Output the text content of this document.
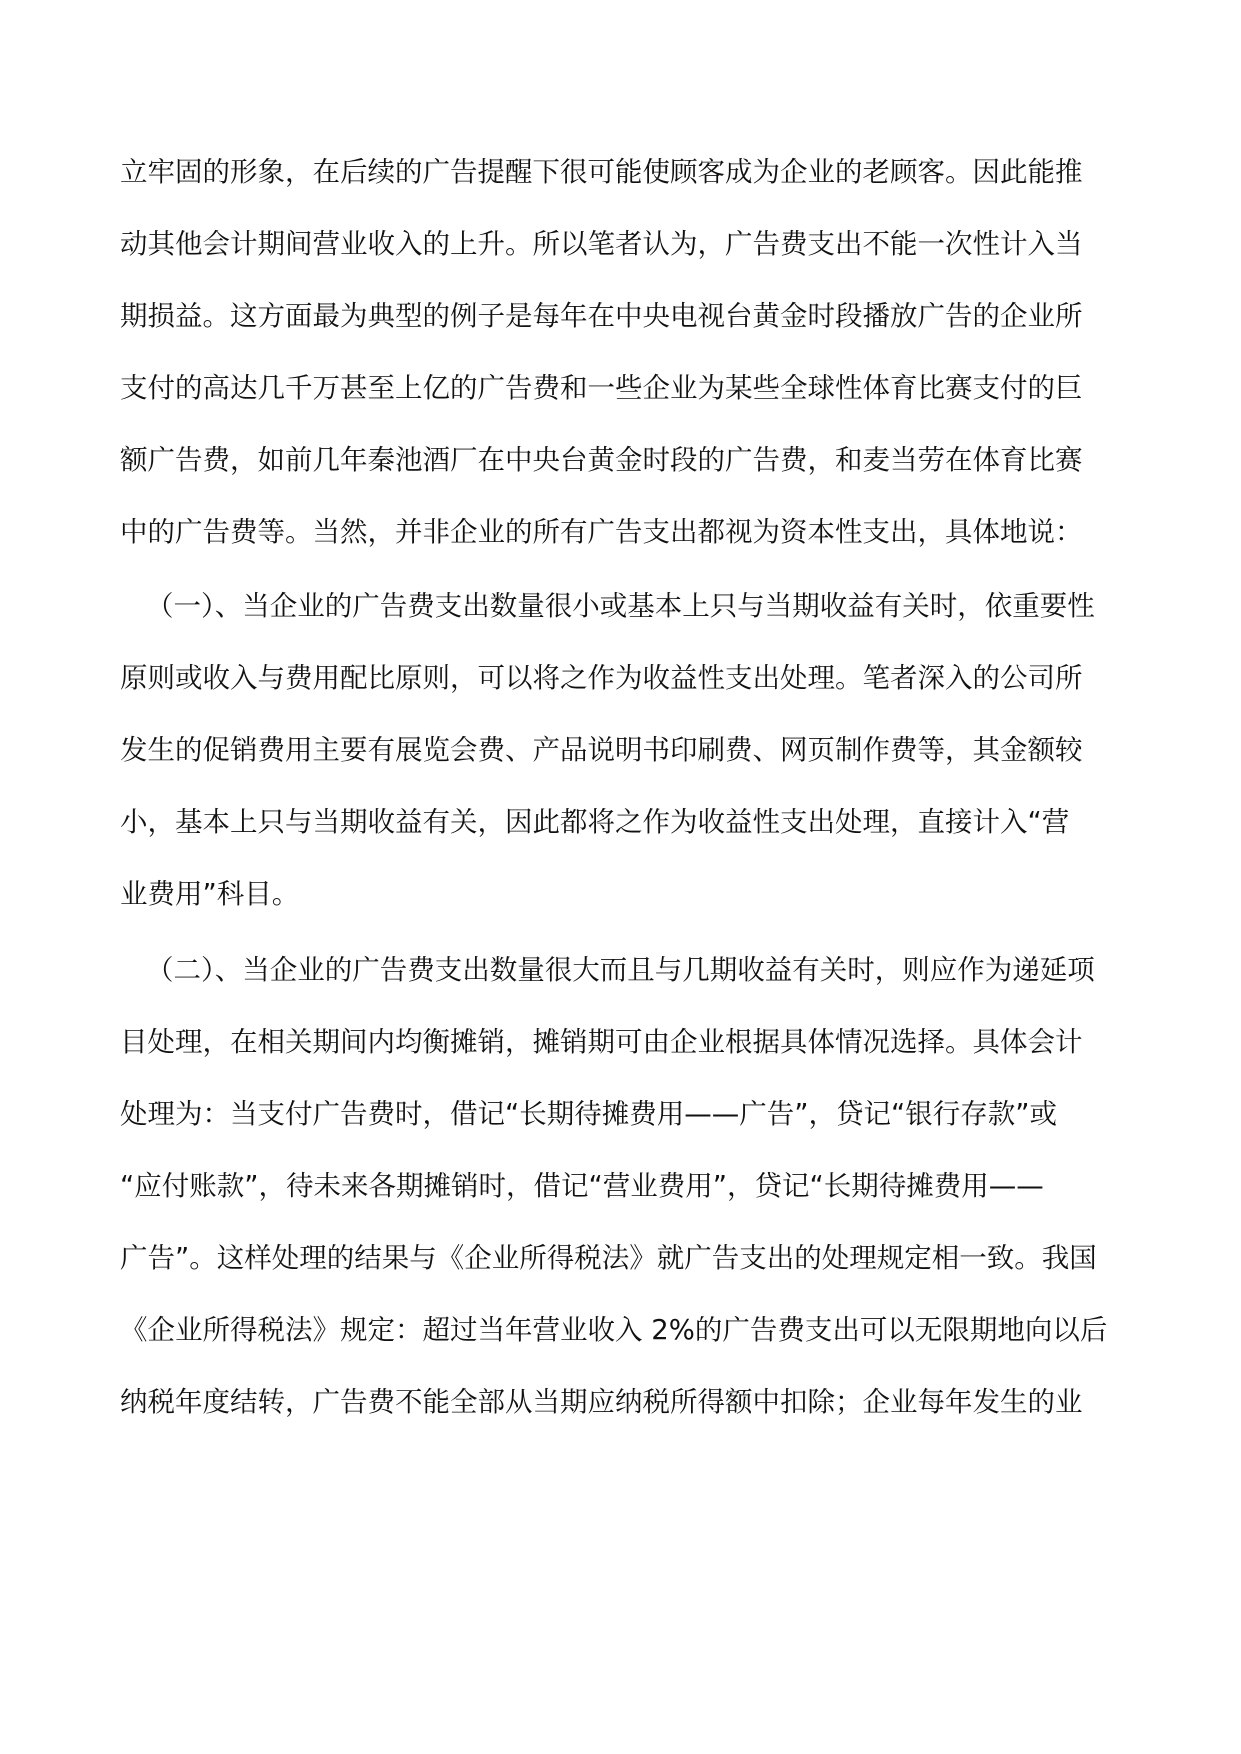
立牢固的形象，在后续的广告提醒下很可能使顾客成为企业的老顾客。因此能推
动其他会计期间营业收入的上升。所以笔者认为，广告费支出不能一次性计入当
期损益。这方面最为典型的例子是每年在中央电视台黄金时段播放广告的企业所
支付的高达几千万甚至上亿的广告费和一些企业为某些全球性体育比赛支付的巨
额广告费，如前几年秦池酒厂在中央台黄金时段的广告费，和麦当劳在体育比赛
中的广告费等。当然，并非企业的所有广告支出都视为资本性支出，具体地说：
（一）、当企业的广告费支出数量很小或基本上只与当期收益有关时，依重要性
原则或收入与费用配比原则，可以将之作为收益性支出处理。笔者深入的公司所
发生的促销费用主要有展览会费、产品说明书印刷费、网页制作费等，其金额较
小，基本上只与当期收益有关，因此都将之作为收益性支出处理，直接计入“营
业费用”科目。
（二）、当企业的广告费支出数量很大而且与几期收益有关时，则应作为递延项
目处理，在相关期间内均衡摊销，摊销期可由企业根据具体情况选择。具体会计
处理为：当支付广告费时，借记“长期待摊费用——广告”，贷记“银行存款”或
“应付账款”，待未来各期摊销时，借记“营业费用”，贷记“长期待摊费用——
广告”。这样处理的结果与《企业所得税法》就广告支出的处理规定相一致。我国
《企业所得税法》规定：超过当年营业收入 2%的广告费支出可以无限期地向以后
纳税年度结转，广告费不能全部从当期应纳税所得额中扣除；企业每年发生的业
